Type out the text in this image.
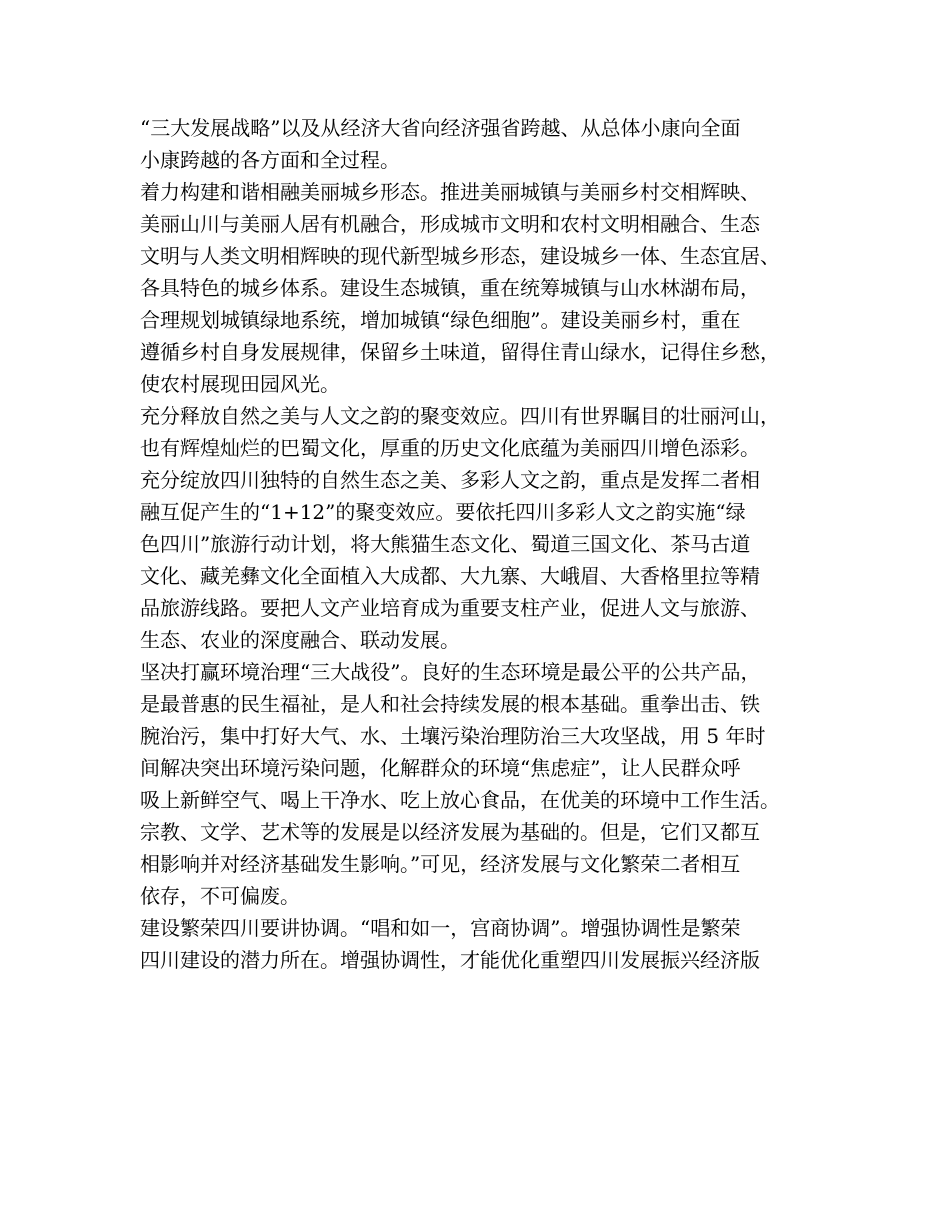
“三大发展战略”以及从经济大省向经济强省跨越、从总体小康向全面
小康跨越的各方面和全过程。
着力构建和谐相融美丽城乡形态。推进美丽城镇与美丽乡村交相辉映、
美丽山川与美丽人居有机融合，形成城市文明和农村文明相融合、生态
文明与人类文明相辉映的现代新型城乡形态，建设城乡一体、生态宜居、
各具特色的城乡体系。建设生态城镇，重在统筹城镇与山水林湖布局，
合理规划城镇绿地系统，增加城镇“绿色细胞”。建设美丽乡村，重在
遵循乡村自身发展规律，保留乡土味道，留得住青山绿水，记得住乡愁，
使农村展现田园风光。
充分释放自然之美与人文之韵的聚变效应。四川有世界瞩目的壮丽河山，
也有辉煌灿烂的巴蜀文化，厚重的历史文化底蕴为美丽四川增色添彩。
充分绽放四川独特的自然生态之美、多彩人文之韵，重点是发挥二者相
融互促产生的“1+12”的聚变效应。要依托四川多彩人文之韵实施“绿
色四川”旅游行动计划，将大熊猫生态文化、蜀道三国文化、茶马古道
文化、藏羌彝文化全面植入大成都、大九寨、大峨眉、大香格里拉等精
品旅游线路。要把人文产业培育成为重要支柱产业，促进人文与旅游、
生态、农业的深度融合、联动发展。
坚决打赢环境治理“三大战役”。良好的生态环境是最公平的公共产品，
是最普惠的民生福祉，是人和社会持续发展的根本基础。重拳出击、铁
腕治污，集中打好大气、水、土壤污染治理防治三大攻坚战，用 5 年时
间解决突出环境污染问题，化解群众的环境“焦虑症”，让人民群众呼
吸上新鲜空气、喝上干净水、吃上放心食品，在优美的环境中工作生活。
宗教、文学、艺术等的发展是以经济发展为基础的。但是，它们又都互
相影响并对经济基础发生影响。”可见，经济发展与文化繁荣二者相互
依存，不可偏废。
建设繁荣四川要讲协调。“唱和如一，宫商协调”。增强协调性是繁荣
四川建设的潜力所在。增强协调性，才能优化重塑四川发展振兴经济版
